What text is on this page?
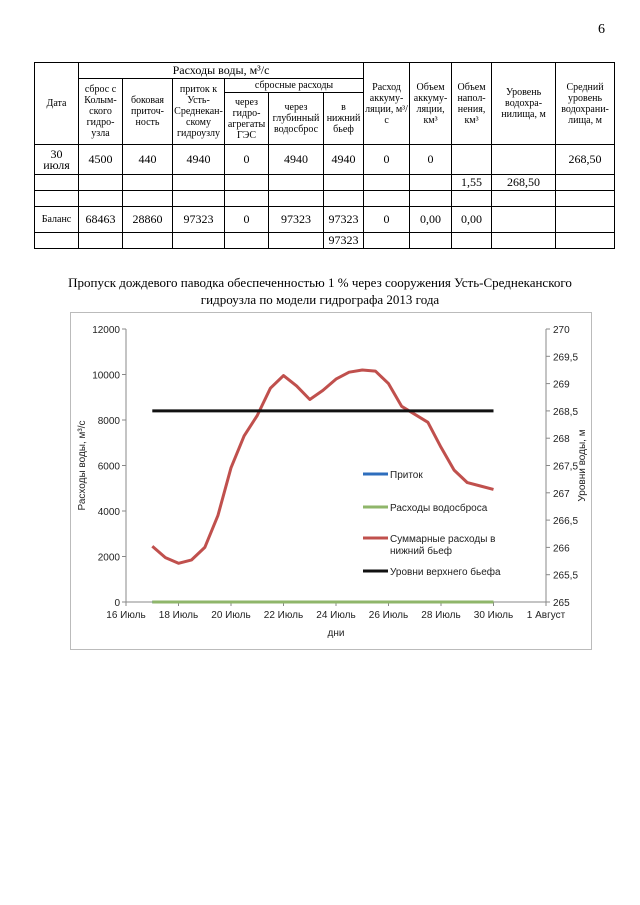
6
Дата	Расходы воды, м³/с						Расход аккуму-ляции, м³/с	Объем аккуму-ляции, км³	Объем напол-нения, км³	Уровень водохра-нилища, м	Средний уровень водохрани-лища, м
	сброс с Колым-ского гидро-узла	боковая приточ-ность	приток к Усть-Среднекан-скому гидроузлу	сбросные расходы							
				через гидро-агрегаты ГЭС	через глубинный водосброс	в нижний бьеф					
30 июля	4500	440	4940	0	4940	4940	0	0			268,50
									1,55	268,50	

Баланс	68463	28860	97323	0	97323	97323	0	0,00	0,00		
						97323					
Пропуск дождевого паводка обеспеченностью 1 % через сооружения Усть-Среднеканского гидроузла по модели гидрографа 2013 года
0
2000
4000
6000
8000
10000
12000
265
265,5
266
266,5
267
267,5
268
268,5
269
269,5
270
16 Июль 18 Июль 20 Июль 22 Июль 24 Июль 26 Июль 28 Июль 30 Июль 1 Август
дни
Расходы воды, м³/с	Уровни воды, м
Приток
Расходы водосброса
Суммарные расходы в
нижний бьеф
Уровни верхнего бьефа
